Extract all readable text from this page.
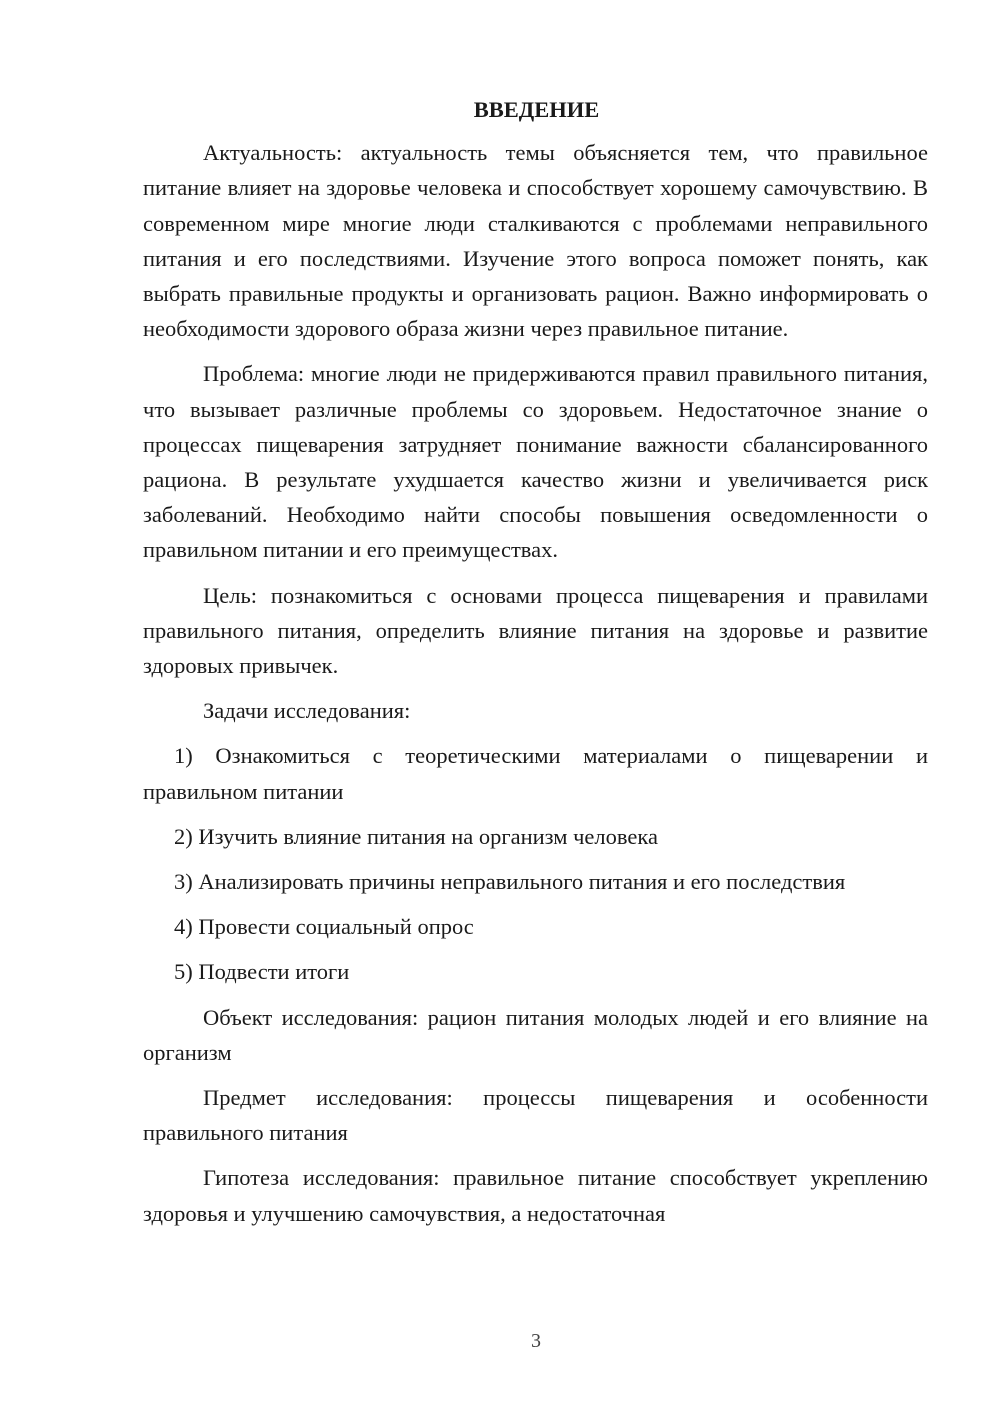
ВВЕДЕНИЕ

Актуальность: актуальность темы объясняется тем, что правильное питание влияет на здоровье человека и способствует хорошему самочувствию. В современном мире многие люди сталкиваются с проблемами неправильного питания и его последствиями. Изучение этого вопроса поможет понять, как выбрать правильные продукты и организовать рацион. Важно информировать о необходимости здорового образа жизни через правильное питание.

Проблема: многие люди не придерживаются правил правильного питания, что вызывает различные проблемы со здоровьем. Недостаточное знание о процессах пищеварения затрудняет понимание важности сбалансированного рациона. В результате ухудшается качество жизни и увеличивается риск заболеваний. Необходимо найти способы повышения осведомленности о правильном питании и его преимуществах.

Цель: познакомиться с основами процесса пищеварения и правилами правильного питания, определить влияние питания на здоровье и развитие здоровых привычек.

Задачи исследования:

1) Ознакомиться с теоретическими материалами о пищеварении и правильном питании

2) Изучить влияние питания на организм человека

3) Анализировать причины неправильного питания и его последствия

4) Провести социальный опрос

5) Подвести итоги

Объект исследования: рацион питания молодых людей и его влияние на организм

Предмет исследования: процессы пищеварения и особенности правильного питания

Гипотеза исследования: правильное питание способствует укреплению здоровья и улучшению самочувствия, а недостаточная

3
